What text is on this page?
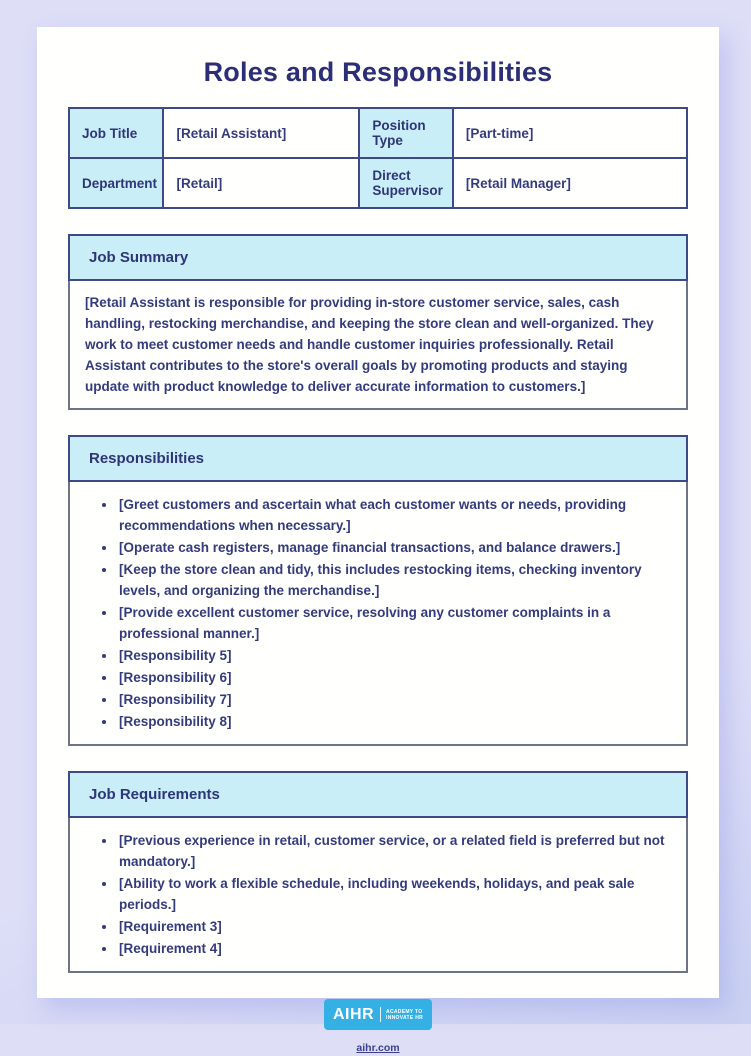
Roles and Responsibilities
Job Title	[Retail Assistant]	Position Type	[Part-time]
Department	[Retail]	Direct Supervisor	[Retail Manager]
Job Summary
[Retail Assistant is responsible for providing in-store customer service, sales, cash handling, restocking merchandise, and keeping the store clean and well-organized. They work to meet customer needs and handle customer inquiries professionally. Retail Assistant contributes to the store's overall goals by promoting products and staying update with product knowledge to deliver accurate information to customers.]
Responsibilities
• [Greet customers and ascertain what each customer wants or needs, providing recommendations when necessary.]
• [Operate cash registers, manage financial transactions, and balance drawers.]
• [Keep the store clean and tidy, this includes restocking items, checking inventory levels, and organizing the merchandise.]
• [Provide excellent customer service, resolving any customer complaints in a professional manner.]
• [Responsibility 5]
• [Responsibility 6]
• [Responsibility 7]
• [Responsibility 8]
Job Requirements
• [Previous experience in retail, customer service, or a related field is preferred but not mandatory.]
• [Ability to work a flexible schedule, including weekends, holidays, and peak sale periods.]
• [Requirement 3]
• [Requirement 4]
AIHR ACADEMY TO
INNOVATE HR
aihr.com
